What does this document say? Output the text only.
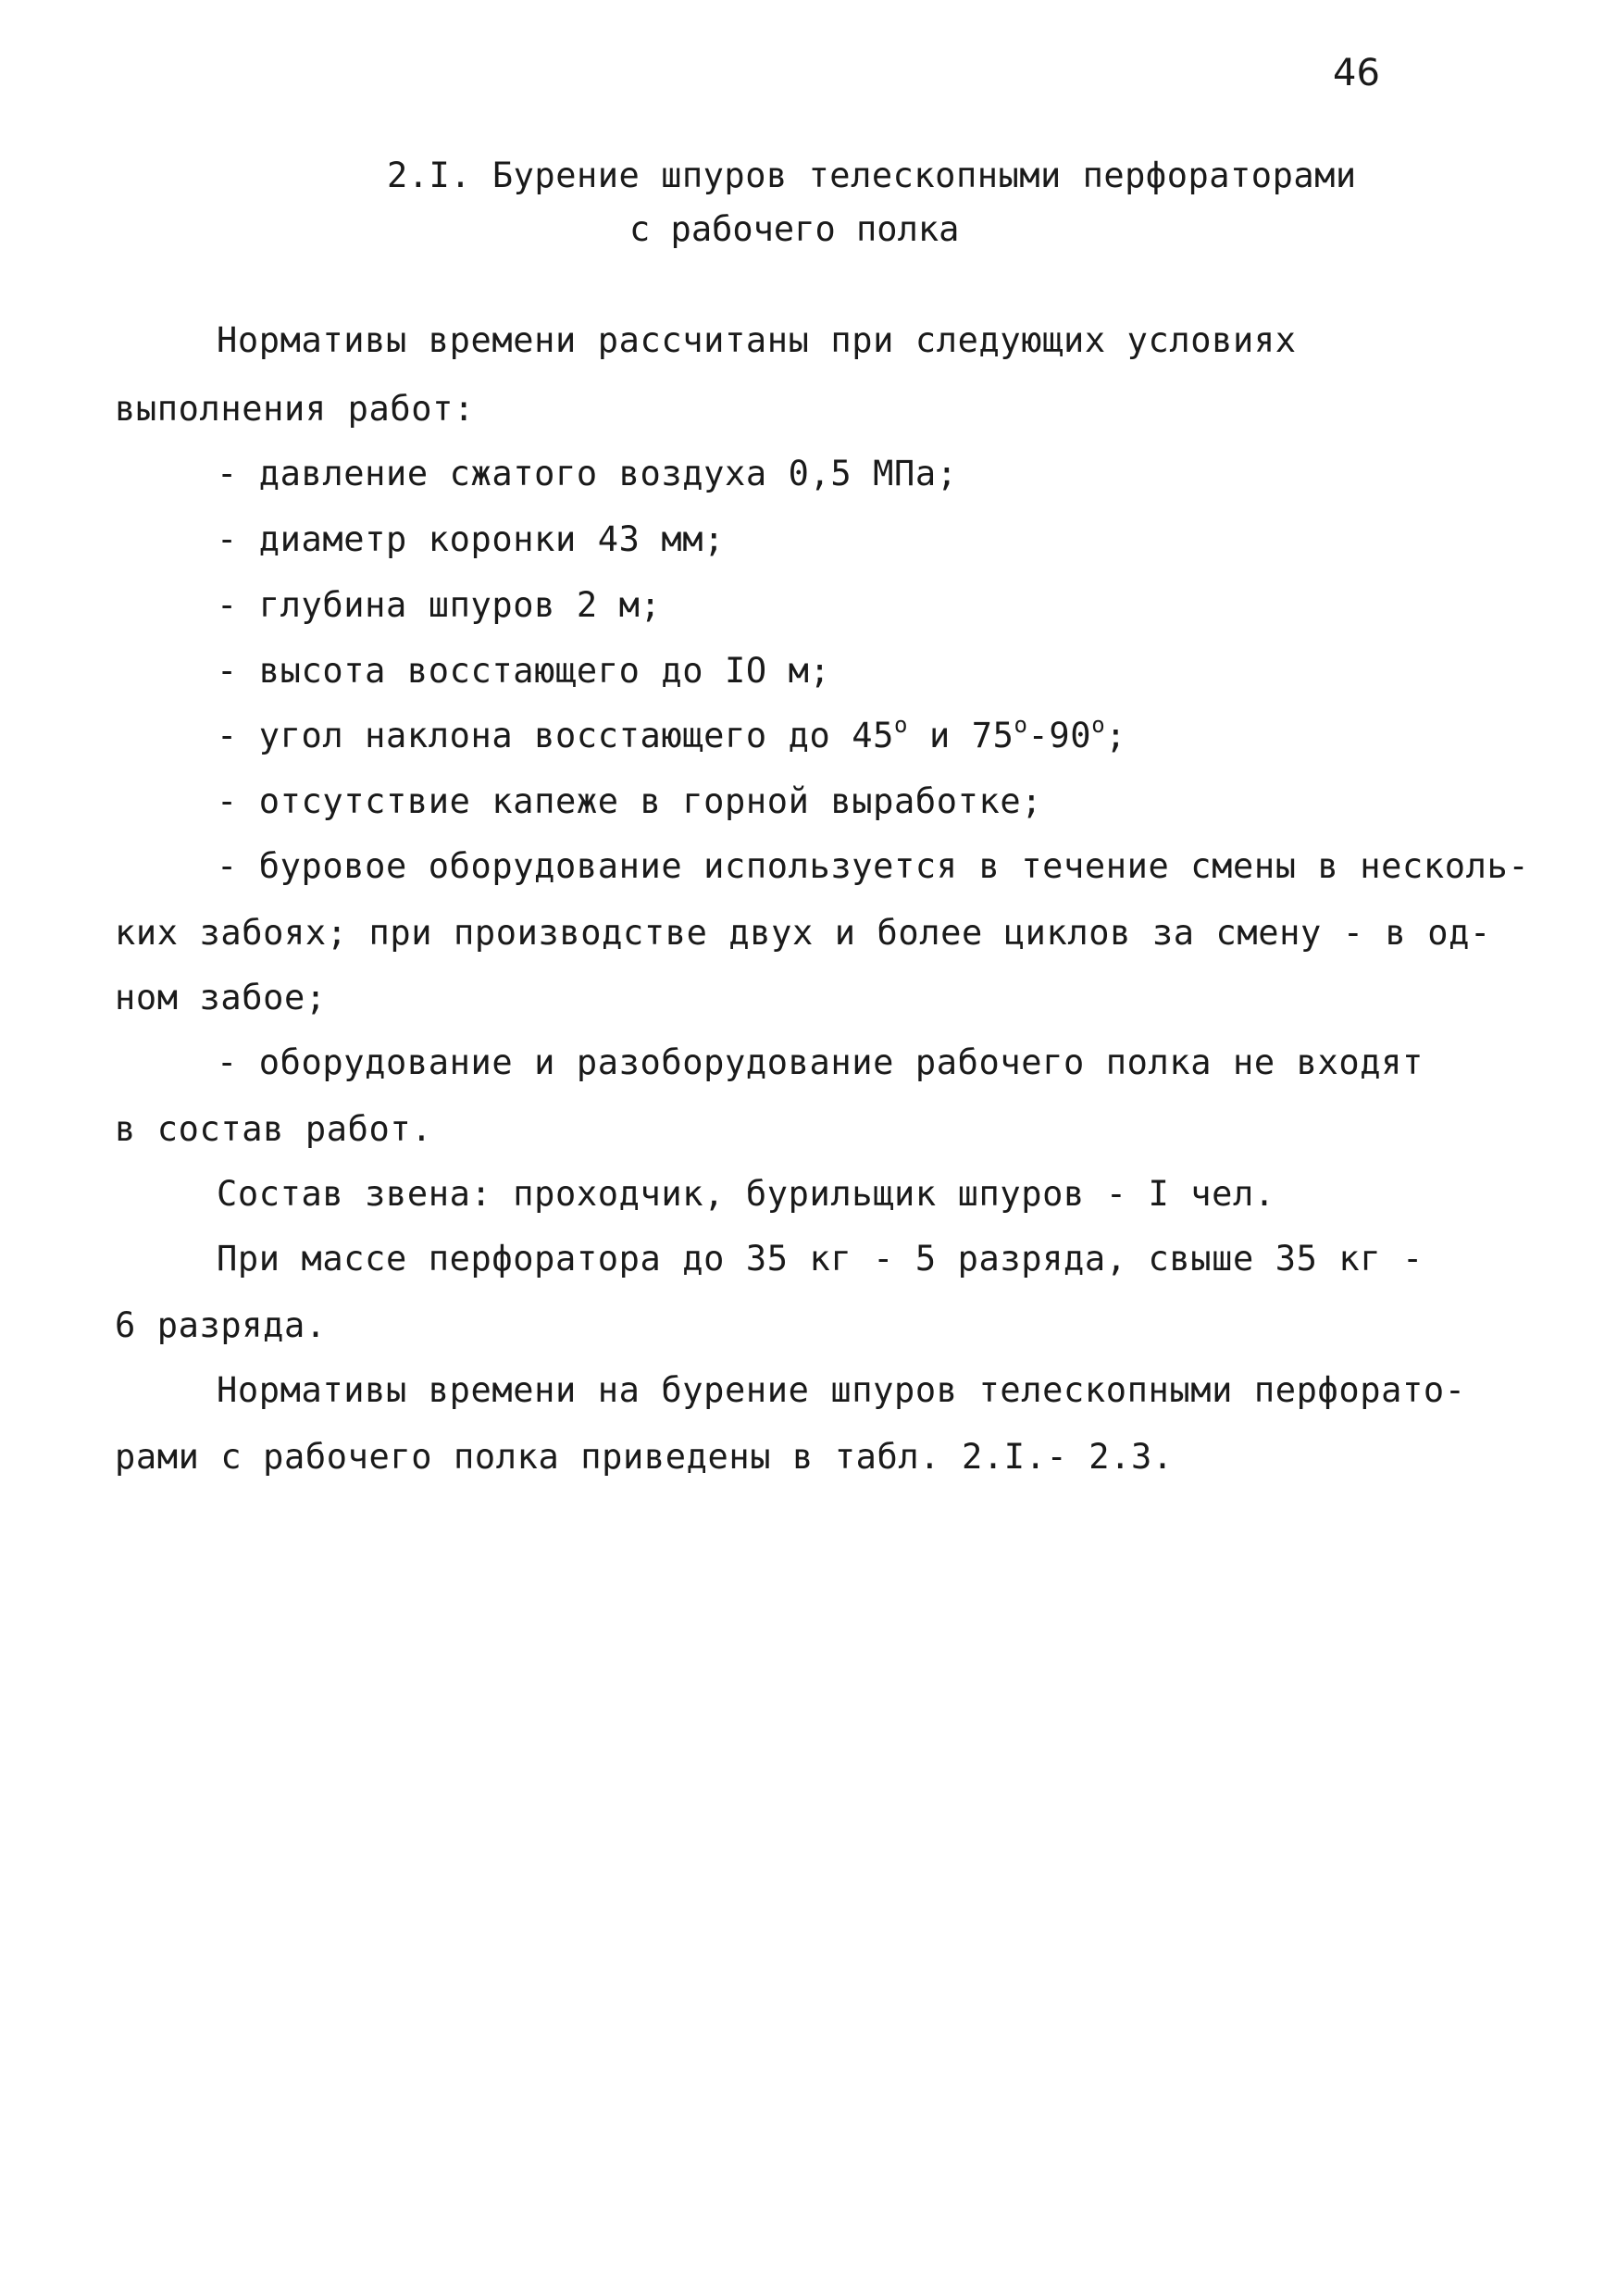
46
2.I. Бурение шпуров телескопными перфораторами
с рабочего полка
Нормативы времени рассчитаны при следующих условиях
выполнения работ:
- давление сжатого воздуха 0,5 МПа;
- диаметр коронки 43 мм;
- глубина шпуров 2 м;
- высота восстающего до IO м;
- угол наклона восстающего до $45^о$ и $75^о-90^о$;
- отсутствие капеже в горной выработке;
- буровое оборудование используется в течение смены в несколь-
ких забоях; при производстве двух и более циклов за смену - в од-
ном забое;
- оборудование и разоборудование рабочего полка не входят
в состав работ.
Состав звена: проходчик, бурильщик шпуров - I чел.
При массе перфоратора до 35 кг - 5 разряда, свыше 35 кг -
6 разряда.
Нормативы времени на бурение шпуров телескопными перфорато-
рами с рабочего полка приведены в табл. 2.I.- 2.3.
